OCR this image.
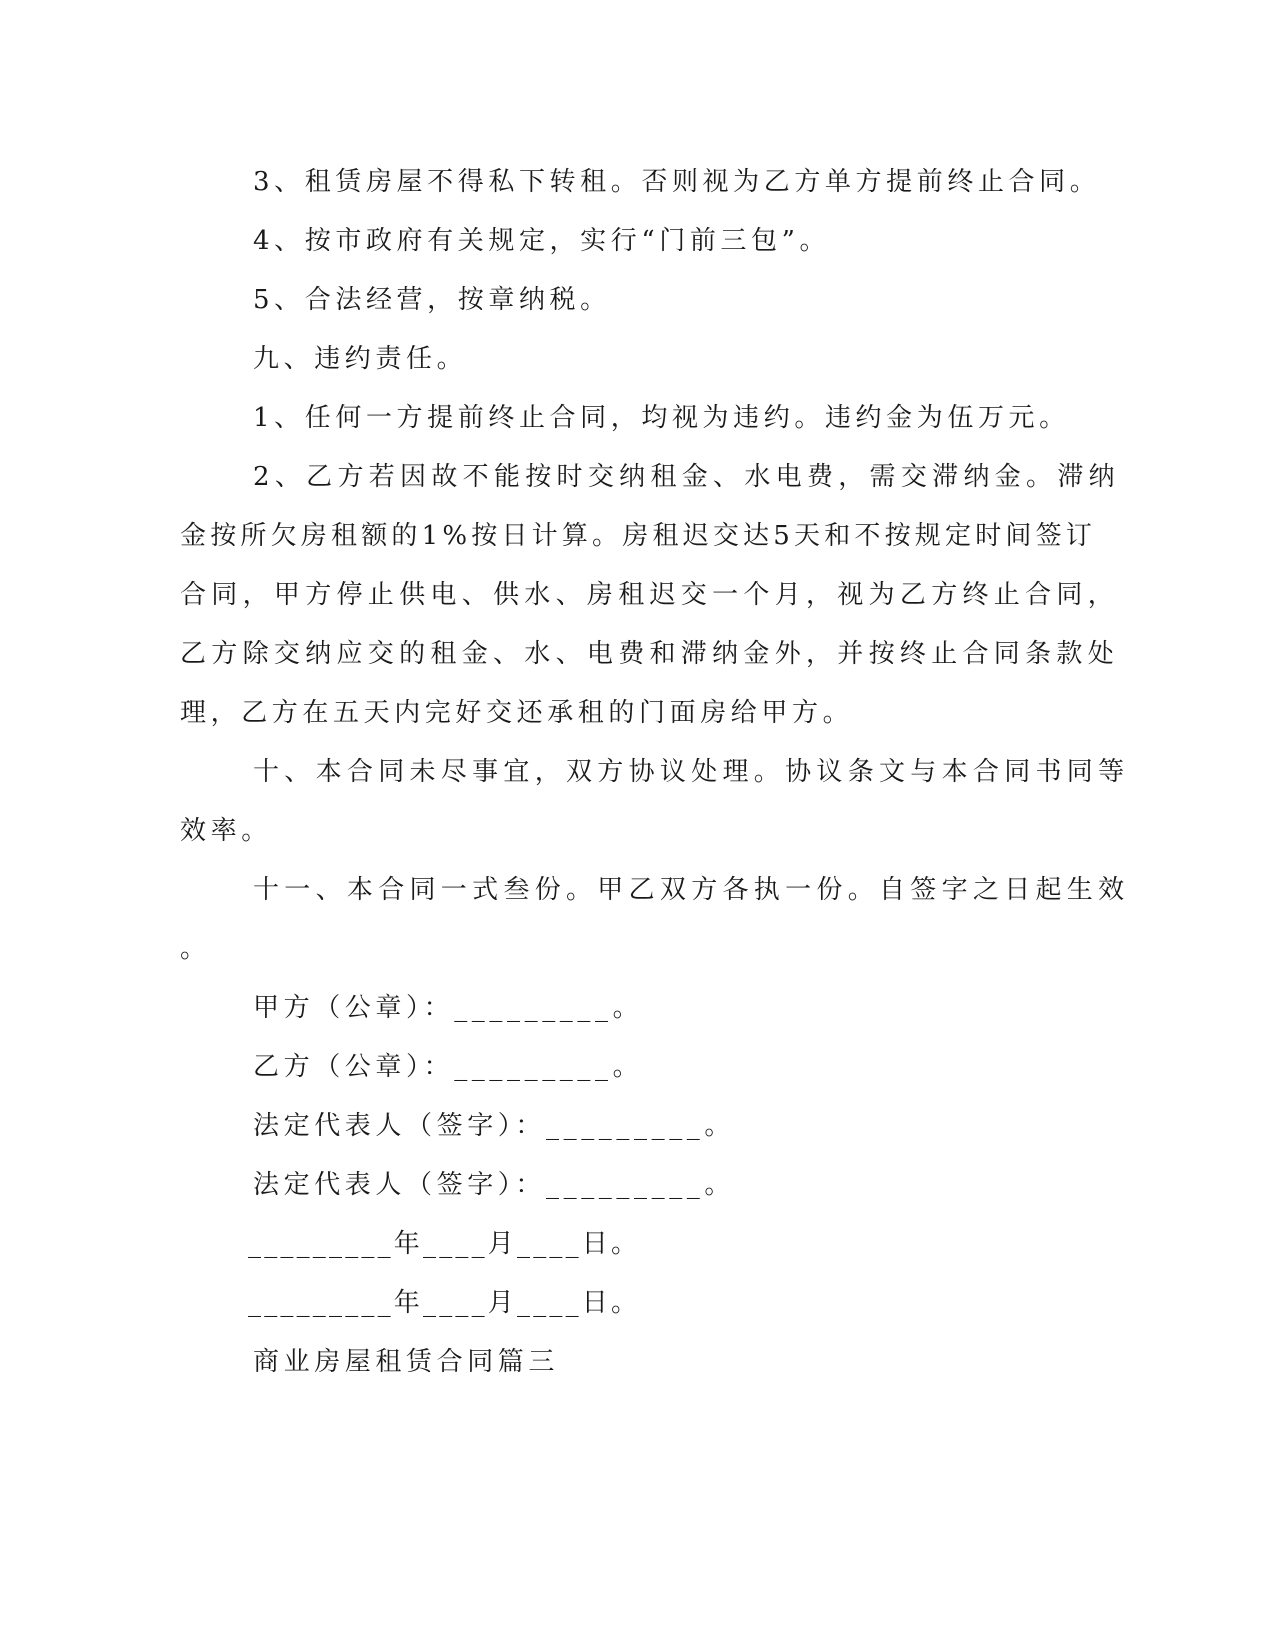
3、租赁房屋不得私下转租。否则视为乙方单方提前终止合同。
4、按市政府有关规定，实行“门前三包”。
5、合法经营，按章纳税。
九、违约责任。
1、任何一方提前终止合同，均视为违约。违约金为伍万元。
2、乙方若因故不能按时交纳租金、水电费，需交滞纳金。滞纳
金按所欠房租额的1%按日计算。房租迟交达5天和不按规定时间签订
合同，甲方停止供电、供水、房租迟交一个月，视为乙方终止合同，
乙方除交纳应交的租金、水、电费和滞纳金外，并按终止合同条款处
理，乙方在五天内完好交还承租的门面房给甲方。
十、本合同未尽事宜，双方协议处理。协议条文与本合同书同等
效率。
十一、本合同一式叁份。甲乙双方各执一份。自签字之日起生效
。
甲方（公章）：_________。
乙方（公章）：_________。
法定代表人（签字）：_________。
法定代表人（签字）：_________。
_________年____月____日。
_________年____月____日。
商业房屋租赁合同篇三
